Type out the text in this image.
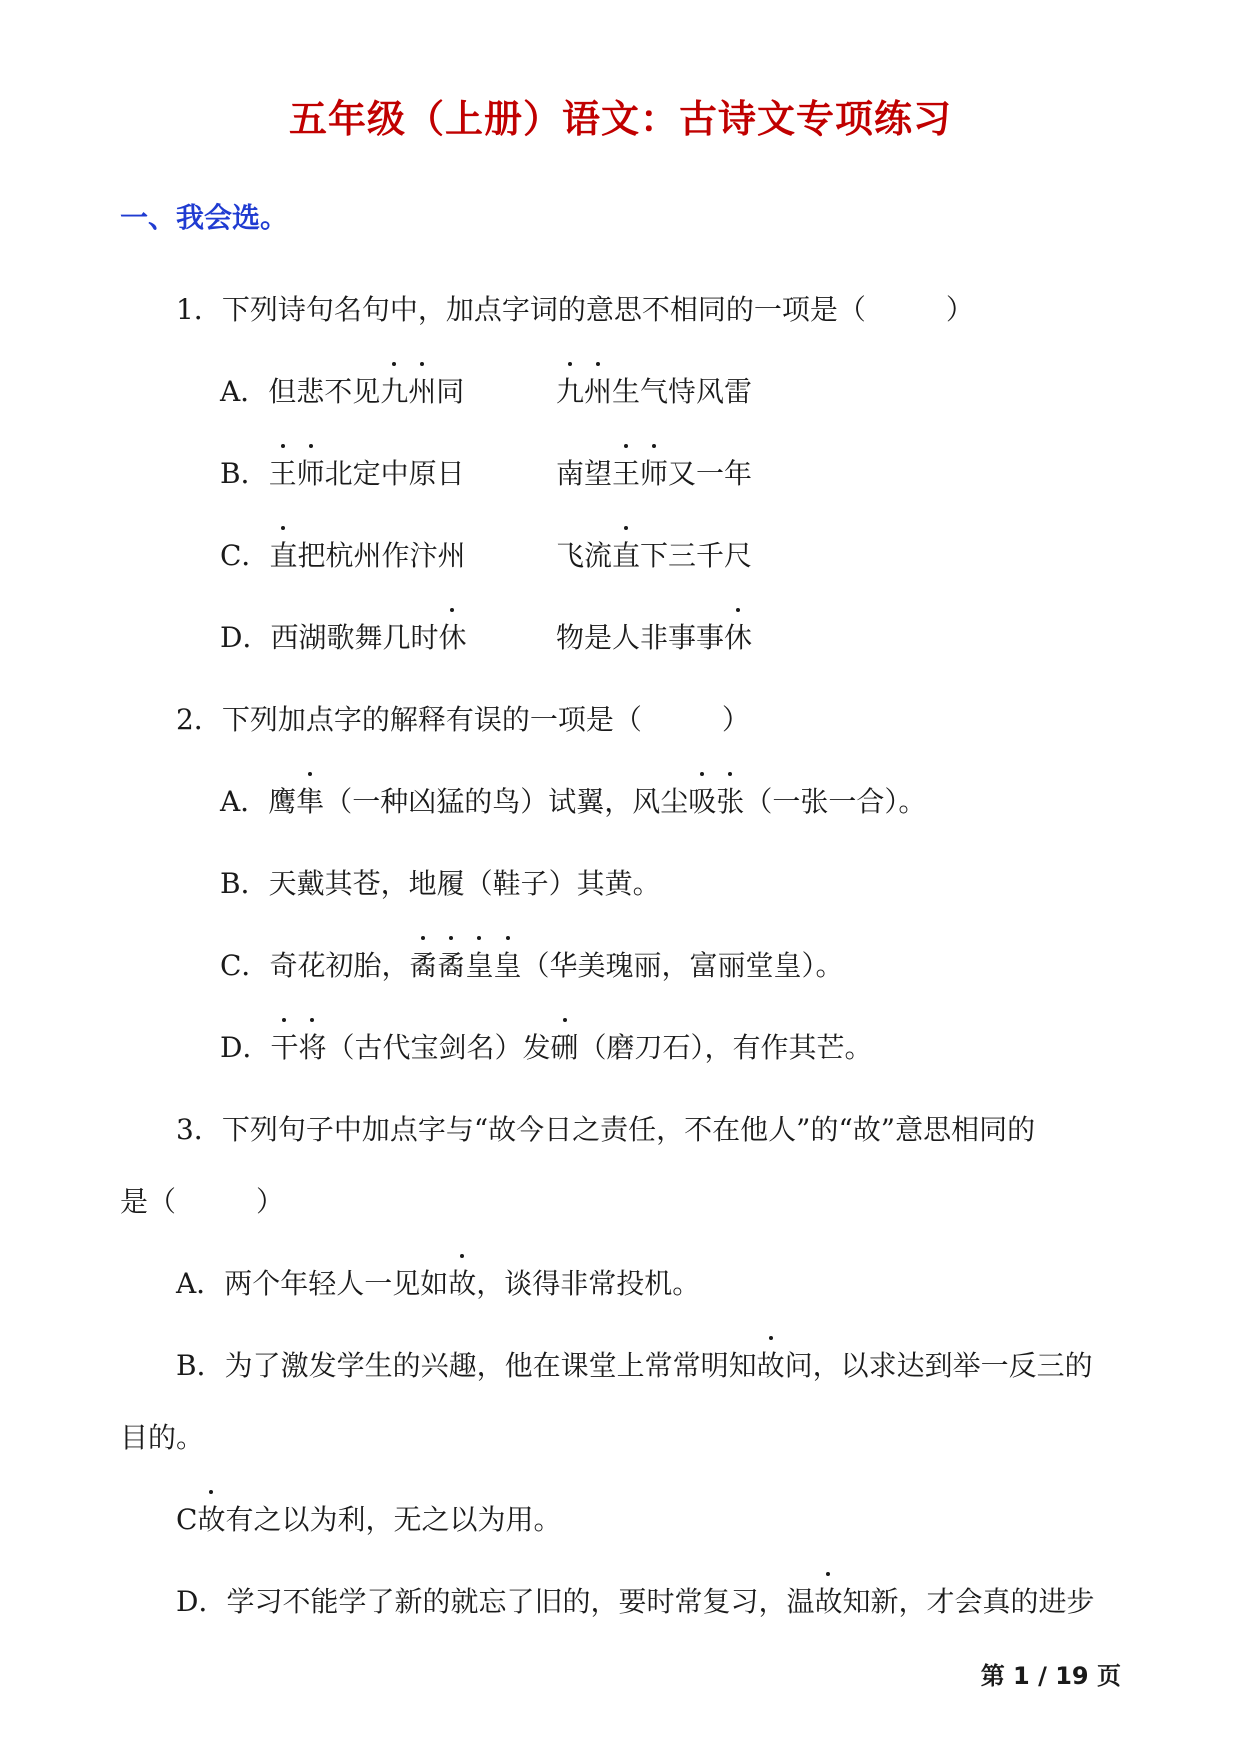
五年级（上册）语文：古诗文专项练习
一、我会选。
1．下列诗句名句中，加点字词的意思不相同的一项是（	）
A．但悲不见九州同	九州生气恃风雷
B．王师北定中原日	南望王师又一年
C．直把杭州作汴州	飞流直下三千尺
D．西湖歌舞几时休	物是人非事事休
2．下列加点字的解释有误的一项是（	）
A．鹰隼（一种凶猛的鸟）试翼，风尘吸张（一张一合）。
B．天戴其苍，地履（鞋子）其黄。
C．奇花初胎，矞矞皇皇（华美瑰丽，富丽堂皇）。
D．干将（古代宝剑名）发硎（磨刀石），有作其芒。
3．下列句子中加点字与“故今日之责任，不在他人”的“故”意思相同的
是（	）
A．两个年轻人一见如故，谈得非常投机。
B．为了激发学生的兴趣，他在课堂上常常明知故问，以求达到举一反三的
目的。
C故有之以为利，无之以为用。
D．学习不能学了新的就忘了旧的，要时常复习，温故知新，才会真的进步
第 1 / 19 页
